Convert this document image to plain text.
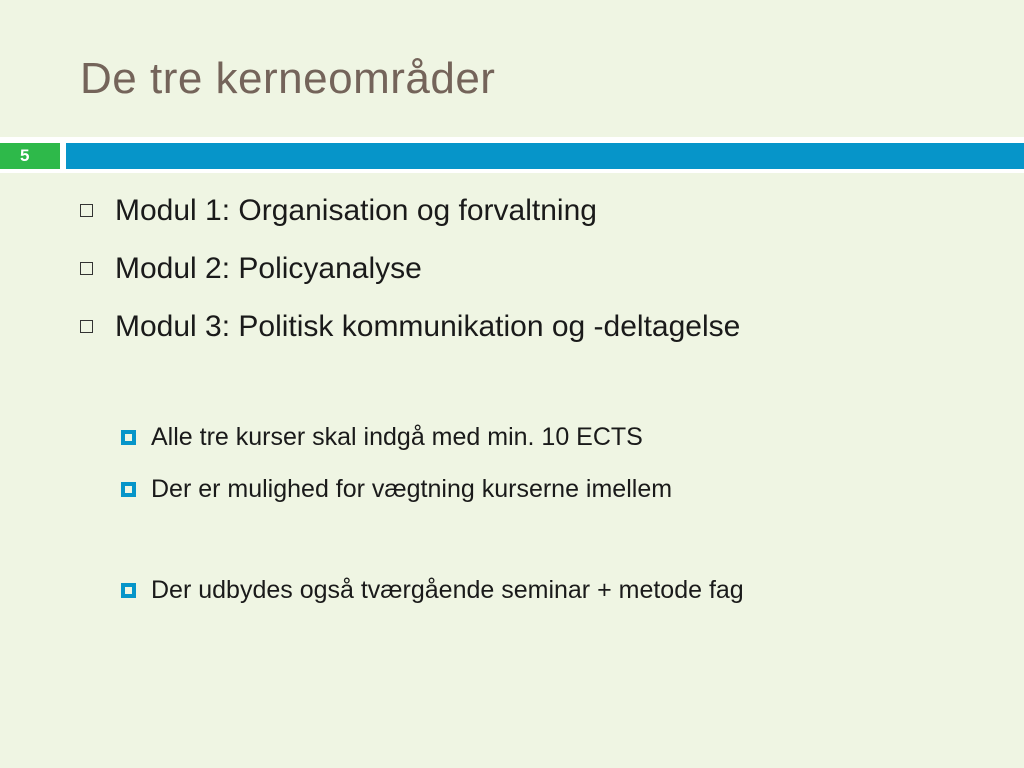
De tre kerneområder
5
Modul 1: Organisation og forvaltning
Modul 2: Policyanalyse
Modul 3: Politisk kommunikation og -deltagelse
Alle tre kurser skal indgå med min. 10 ECTS
Der er mulighed for vægtning kurserne imellem
Der udbydes også tværgående seminar + metode fag
